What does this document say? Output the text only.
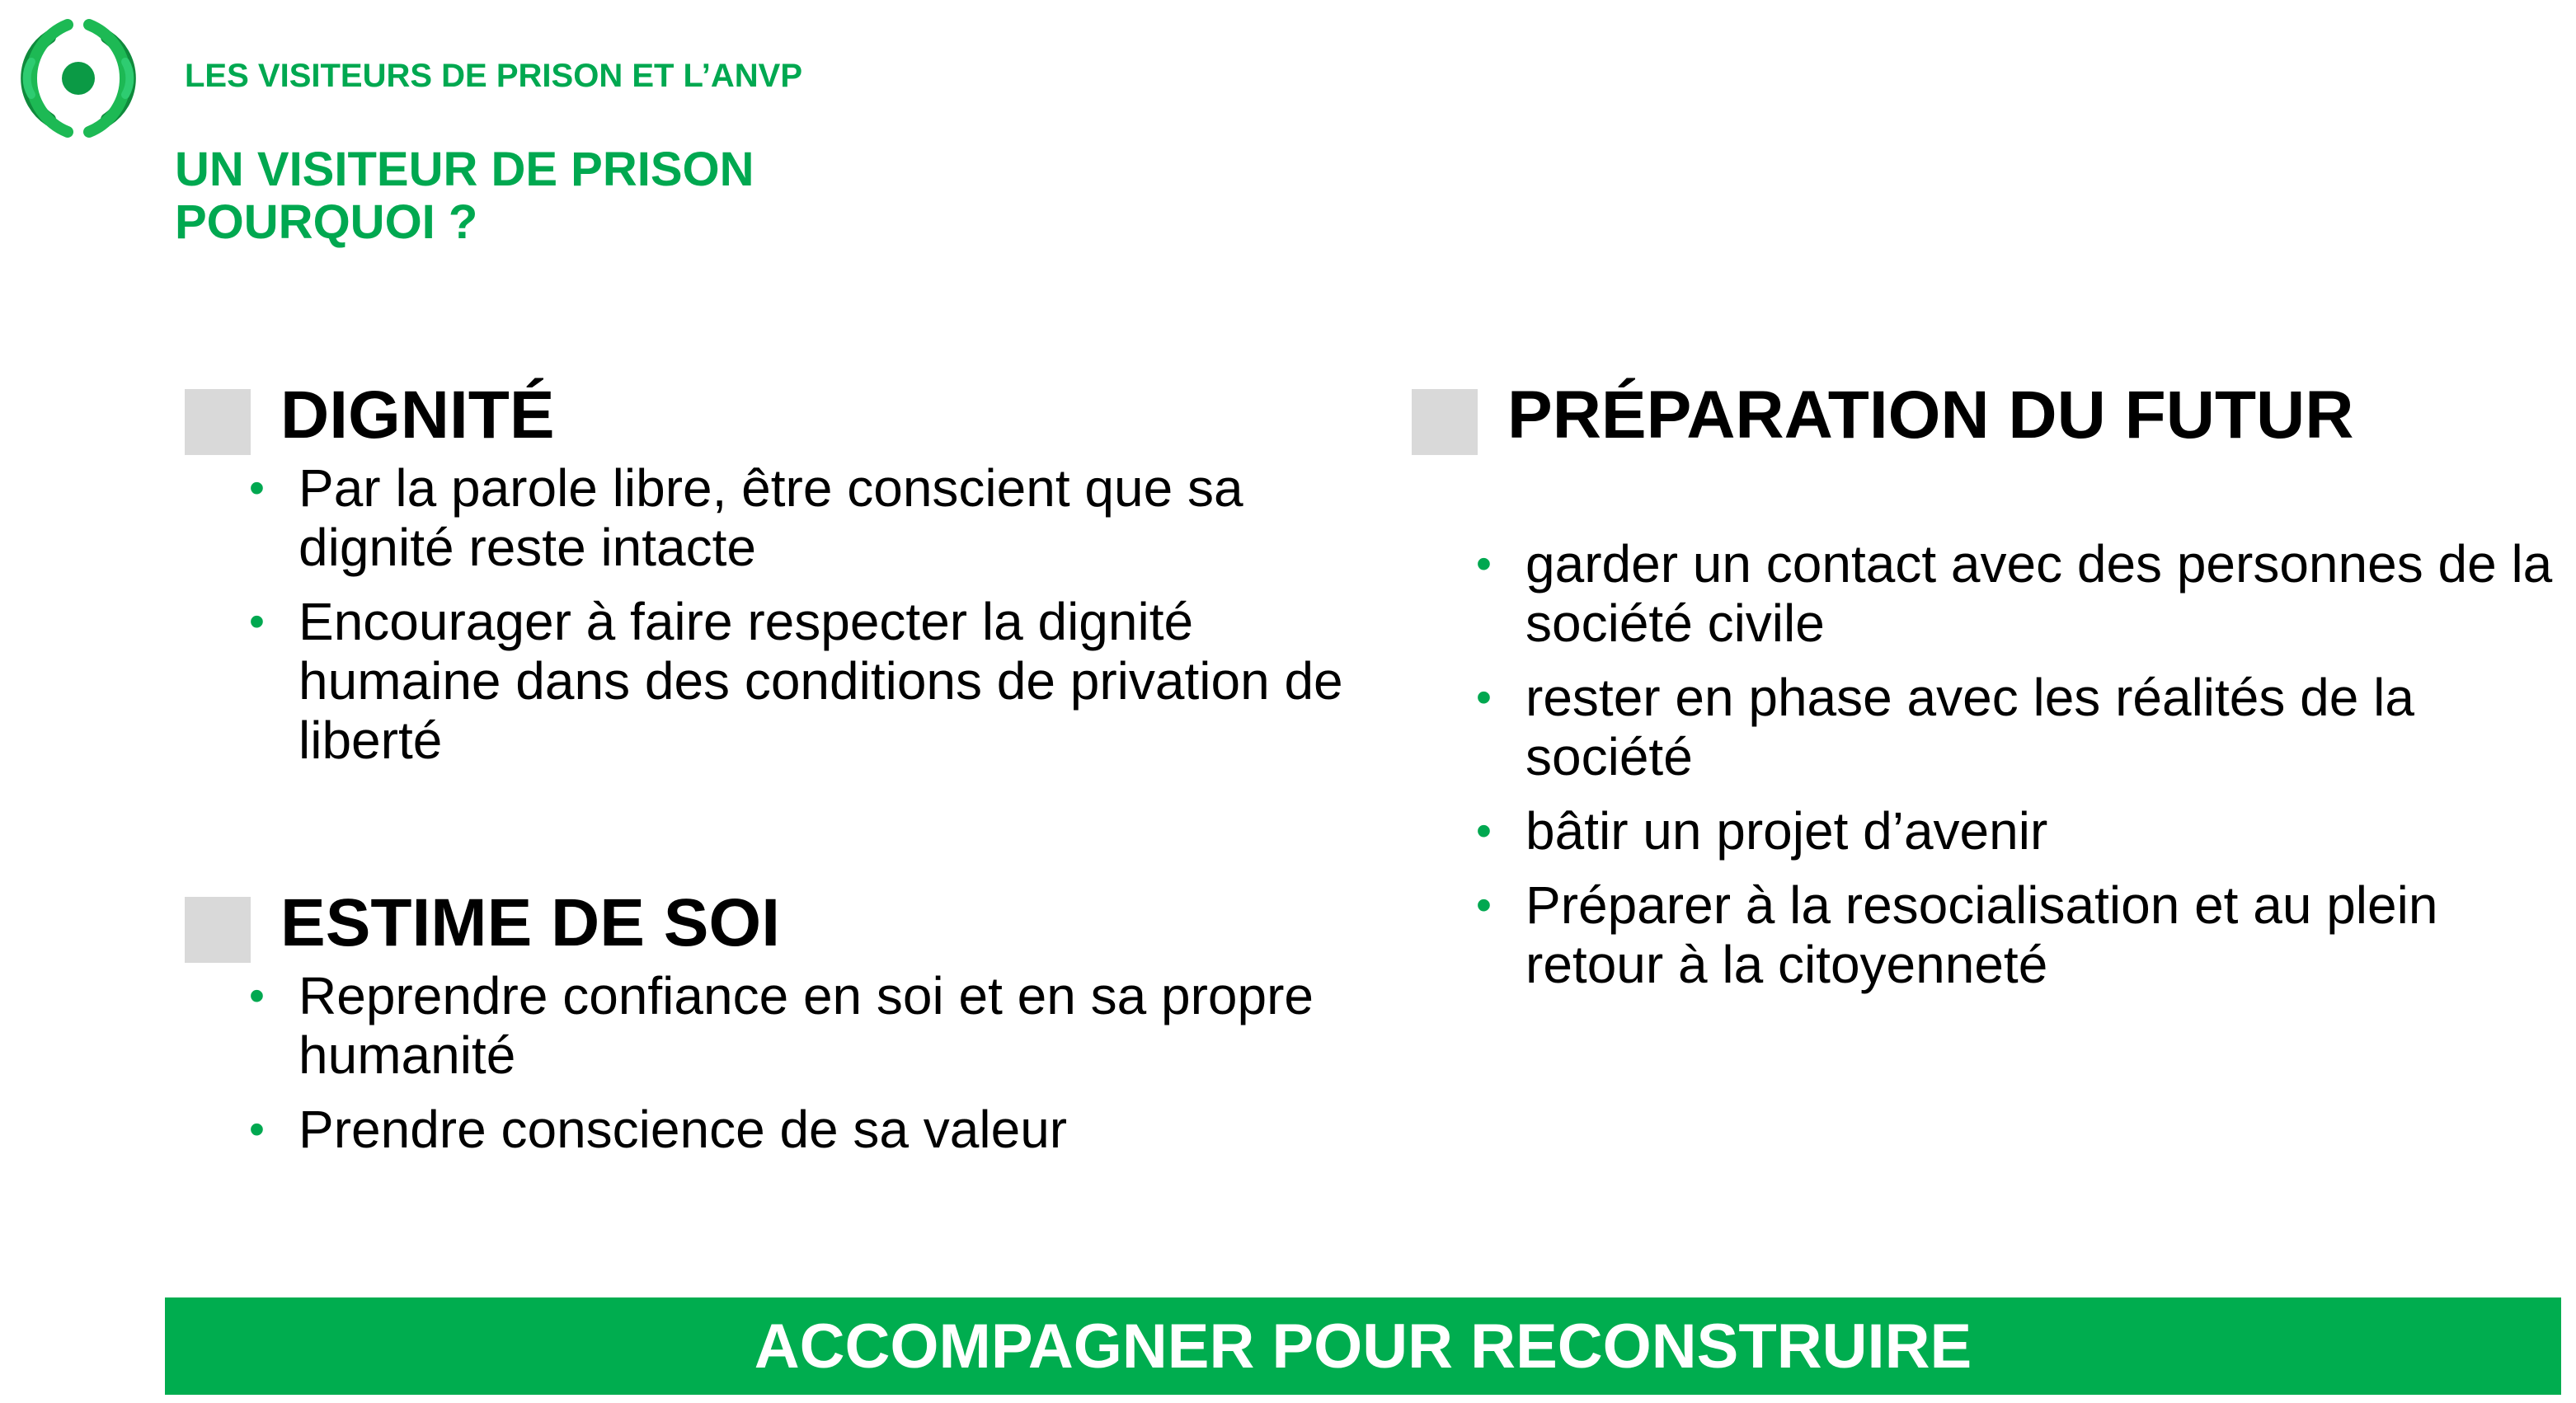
LES VISITEURS DE PRISON ET L’ANVP
UN VISITEUR DE PRISON
POURQUOI ?
DIGNITÉ
• Par la parole libre, être conscient que sa dignité reste intacte
• Encourager à faire respecter la dignité humaine dans des conditions de privation de liberté
ESTIME DE SOI
• Reprendre confiance en soi et en sa propre humanité
• Prendre conscience de sa valeur
PRÉPARATION DU FUTUR
• garder un contact avec des personnes de la société civile
• rester en phase avec les réalités de la société
• bâtir un projet d’avenir
• Préparer à la resocialisation et au plein retour à la citoyenneté
ACCOMPAGNER POUR RECONSTRUIRE
